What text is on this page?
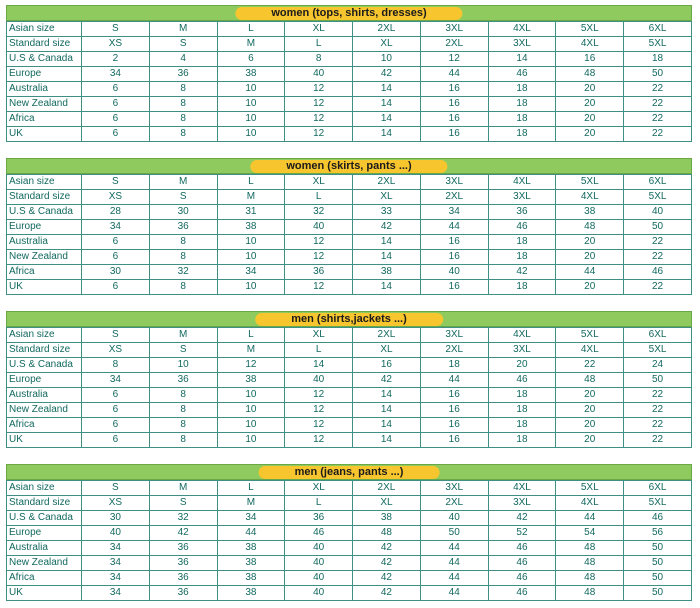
women (tops, shirts, dresses)
Asian size	S	M	L	XL	2XL	3XL	4XL	5XL	6XL
Standard size	XS	S	M	L	XL	2XL	3XL	4XL	5XL
U.S & Canada	2	4	6	8	10	12	14	16	18
Europe	34	36	38	40	42	44	46	48	50
Australia	6	8	10	12	14	16	18	20	22
New Zealand	6	8	10	12	14	16	18	20	22
Africa	6	8	10	12	14	16	18	20	22
UK	6	8	10	12	14	16	18	20	22
women (skirts, pants ...)
Asian size	S	M	L	XL	2XL	3XL	4XL	5XL	6XL
Standard size	XS	S	M	L	XL	2XL	3XL	4XL	5XL
U.S & Canada	28	30	31	32	33	34	36	38	40
Europe	34	36	38	40	42	44	46	48	50
Australia	6	8	10	12	14	16	18	20	22
New Zealand	6	8	10	12	14	16	18	20	22
Africa	30	32	34	36	38	40	42	44	46
UK	6	8	10	12	14	16	18	20	22
men (shirts,jackets ...)
Asian size	S	M	L	XL	2XL	3XL	4XL	5XL	6XL
Standard size	XS	S	M	L	XL	2XL	3XL	4XL	5XL
U.S & Canada	8	10	12	14	16	18	20	22	24
Europe	34	36	38	40	42	44	46	48	50
Australia	6	8	10	12	14	16	18	20	22
New Zealand	6	8	10	12	14	16	18	20	22
Africa	6	8	10	12	14	16	18	20	22
UK	6	8	10	12	14	16	18	20	22
men (jeans, pants ...)
Asian size	S	M	L	XL	2XL	3XL	4XL	5XL	6XL
Standard size	XS	S	M	L	XL	2XL	3XL	4XL	5XL
U.S & Canada	30	32	34	36	38	40	42	44	46
Europe	40	42	44	46	48	50	52	54	56
Australia	34	36	38	40	42	44	46	48	50
New Zealand	34	36	38	40	42	44	46	48	50
Africa	34	36	38	40	42	44	46	48	50
UK	34	36	38	40	42	44	46	48	50
